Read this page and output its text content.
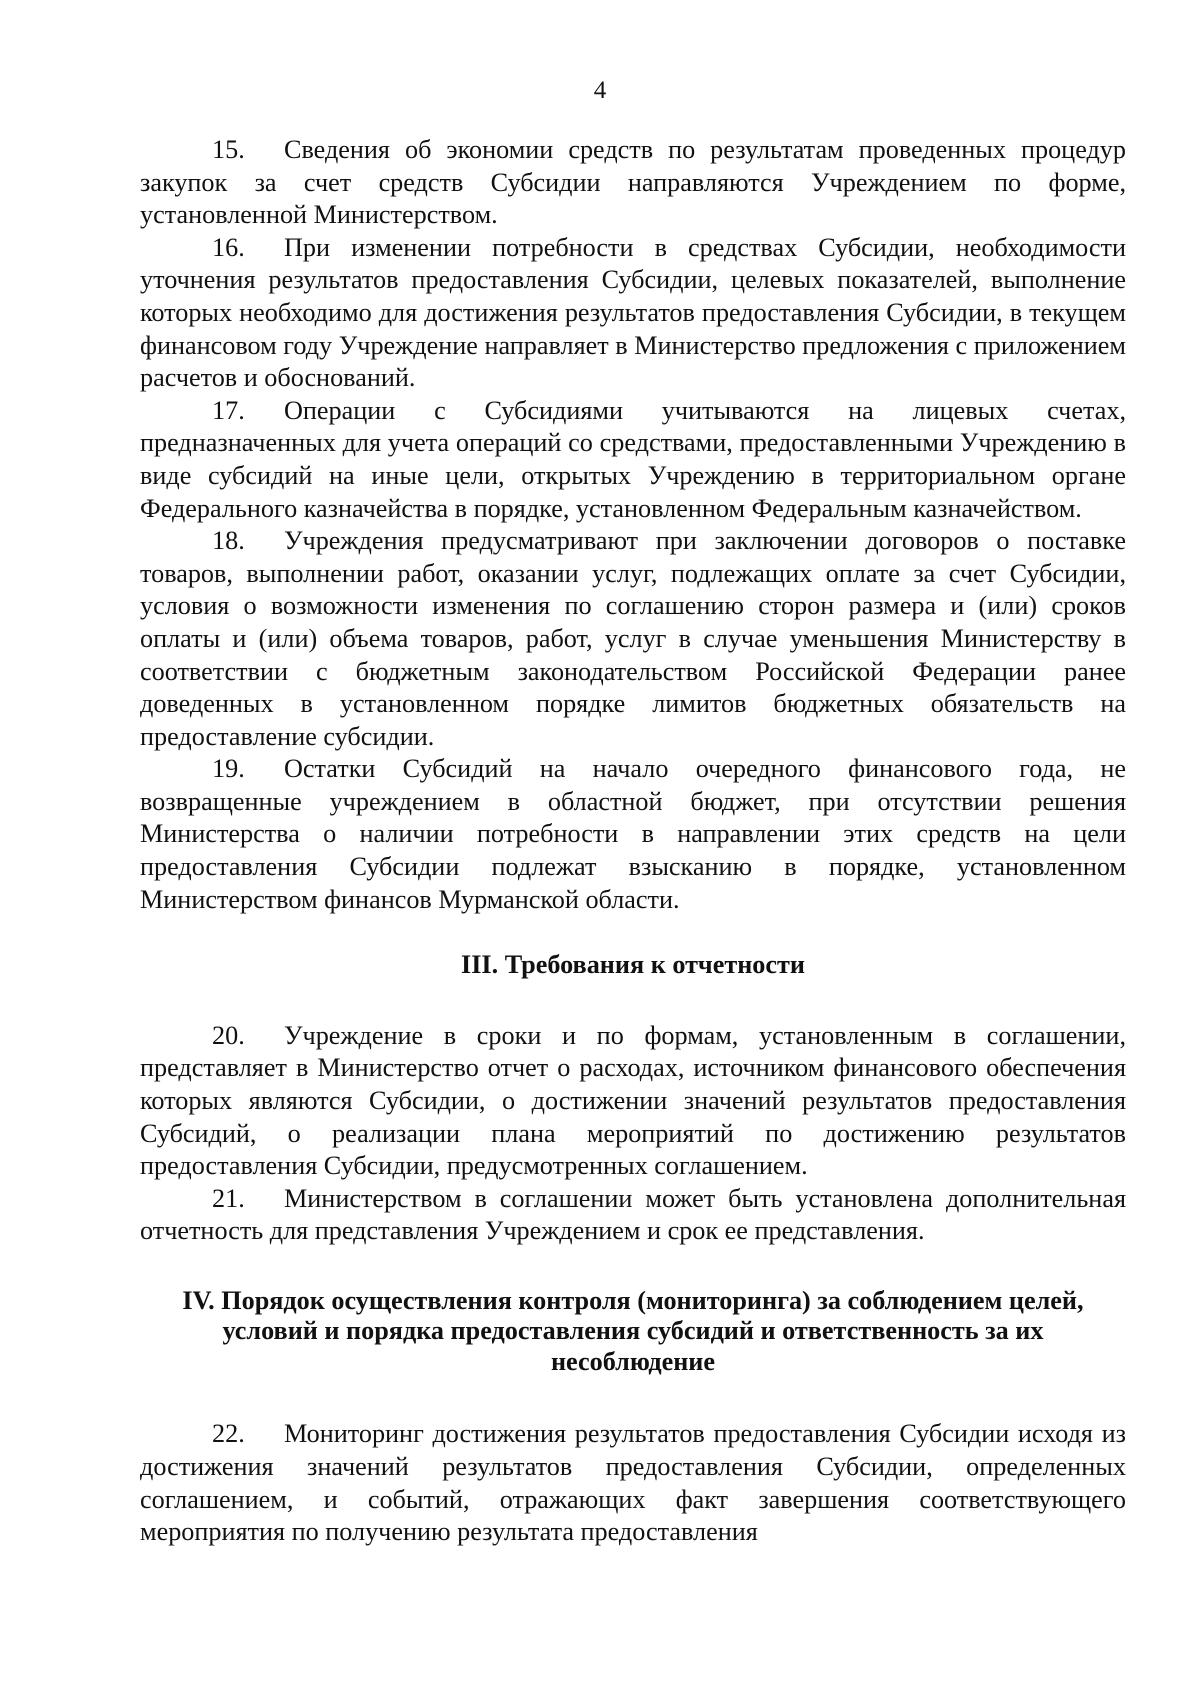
4

15. Сведения об экономии средств по результатам проведенных процедур закупок за счет средств Субсидии направляются Учреждением по форме, установленной Министерством.

16. При изменении потребности в средствах Субсидии, необходимости уточнения результатов предоставления Субсидии, целевых показателей, выполнение которых необходимо для достижения результатов предоставления Субсидии, в текущем финансовом году Учреждение направляет в Министерство предложения с приложением расчетов и обоснований.

17. Операции с Субсидиями учитываются на лицевых счетах, предназначенных для учета операций со средствами, предоставленными Учреждению в виде субсидий на иные цели, открытых Учреждению в территориальном органе Федерального казначейства в порядке, установленном Федеральным казначейством.

18. Учреждения предусматривают при заключении договоров о поставке товаров, выполнении работ, оказании услуг, подлежащих оплате за счет Субсидии, условия о возможности изменения по соглашению сторон размера и (или) сроков оплаты и (или) объема товаров, работ, услуг в случае уменьшения Министерству в соответствии с бюджетным законодательством Российской Федерации ранее доведенных в установленном порядке лимитов бюджетных обязательств на предоставление субсидии.

19. Остатки Субсидий на начало очередного финансового года, не возвращенные учреждением в областной бюджет, при отсутствии решения Министерства о наличии потребности в направлении этих средств на цели предоставления Субсидии подлежат взысканию в порядке, установленном Министерством финансов Мурманской области.

III. Требования к отчетности

20. Учреждение в сроки и по формам, установленным в соглашении, представляет в Министерство отчет о расходах, источником финансового обеспечения которых являются Субсидии, о достижении значений результатов предоставления Субсидий, о реализации плана мероприятий по достижению результатов предоставления Субсидии, предусмотренных соглашением.

21. Министерством в соглашении может быть установлена дополнительная отчетность для представления Учреждением и срок ее представления.

IV. Порядок осуществления контроля (мониторинга) за соблюдением целей, условий и порядка предоставления субсидий и ответственность за их несоблюдение

22. Мониторинг достижения результатов предоставления Субсидии исходя из достижения значений результатов предоставления Субсидии, определенных соглашением, и событий, отражающих факт завершения соответствующего мероприятия по получению результата предоставления
